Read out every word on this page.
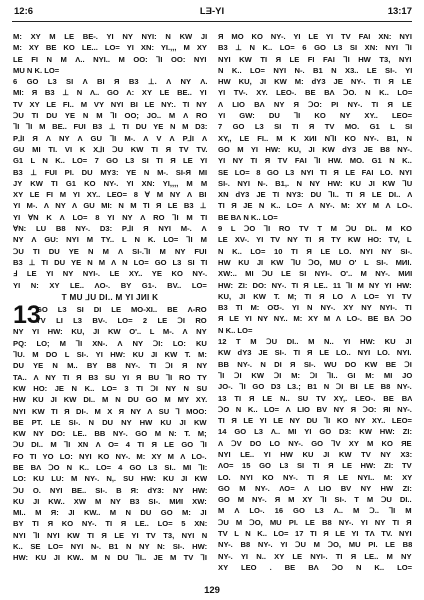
12:6	LƎ-YI	13:17
M: XY M LE BE-. YI NY NYI: N KW JI
M: XY BE KO LE... LO= YI XN: YI.,,, M XY
LE FI N M Λ.. NYI.. M OO: ⅂I OO: NYI
MU N K. LO=
6 GO L3 SI Λ BI Я B3 ⊥. Λ NY Λ.
MI: Я B3 ⊥ N Λ.. GO Λ: XY LE BE.. YI
TV XY LE FI.. M VY NYI BI LE NY:. TI NY
ↃU TI DU YE N M ⅂I OO; JO.. M Λ RO
⅂I ⅂I M BE.. FUI B3 ⊥ TI DU YE N M D3:
P⅃I Я Λ NY Λ GU ⅂I M-. Λ V Λ P⅃I Λ
GU MI TI. VI K X⅃I ↃU KW TI Я TV TV.
G1 L N K.. LO= 7 GO L3 SI TI Я LE YI
B3 ⊥ FUI PI. DU MY3: YE N M-. SI-Я MI
JY KW TI G1 KO NY-. YI XN: YI,,,, M M
XY LE FI M YI XY.. LEO= 8 ∀ M NY Λ BI
YI M-. Λ NY Λ GU MI: N M TI Я LE B3 ⊥
YI ∀N K Λ LO= 8 YI NY Λ RO ⅂I M TI
∀N: LU B8 NY-. D3: P⅃I Я NYI M-. Λ
NY Λ GU: NYI M TY.. L N K. LO= ⅂I M
ↃU TI DU YE N M Λ SI-.⅂I M NY FUI
B3 ⊥ TI DU YE N M Λ N LO= GO L3 SI TI
Ⅎ LE YI NY NYI-. LE XY.. YE KO NY-.
YI N: XY LE.. ΛO-. BY G1-. BV.. LO=
T MU ⅃U DI.. M YI JИI K
13
GO L3 SI DI LE MO-XI.. BE Λ-RO
TV LI L3 BV-. LO= 2 LE ↃI RO
NY YI HW: KU, JI KW O'.. L M-. Λ NY
PQ: LO; M ⅂I XN-. Λ NY ↃI: LO: KU
⅂U. M DO L SI-. YI HW: KU JI KW T. M:
DU YE N M.. BY B8 NY-. TI ↃI Я NY
TA.. Λ NY TI Я B3 SU YI Я BU ⅂I RO TY
KW HO: JE N K.. LO= 3 TI ↃI NY N SU
HW KU JI KW DI.. M N DU GO M MY XY.
NYI KW TI Я DI-. M X Я NY Λ SU ⅂ MOO:
BE PT. LE SI-. N DU NY HW KU JI KW
KW NY DO: LE.. BB NY-. GO M N: T. M;
ↃU DI.. M ⅂I XN Λ O= 4 TI Я LE GO ⅂I
FO TI YO LO: NYI KO NY-. M: XY M Λ LO-.
BE BΛ ↃO N K.. LO= 4 GO L3 SI.. MI ⅂I:
LO: KU LU: M NY-. N,. SU HW: KU JI KW
ↃU O. NYI BE.. SI-. B Я: dY3: NY HW:
KU JI KW.. XW M NY B3 SI-. MИI XW:
MI.. M Я: JI KW.. M N DU GO M: JI
BY TI Я KO NY-. TI Я LE.. LO= 5 XN:
NYI ⅂I NYI KW TI Я LE YI TV T3, NYI N
K.. SE LO= NYI N-. B1 N NY N: SI-. HW:
HW: KU JI KW.. M N DU ⅂I.. JE M TV ⅂I
Я MO KO NY-. YI LE YI TV FAI XN: NYI
B3 ⊥ N K.. LO= 6 GO L3 SI XN: NYI ⅂I
NYI KW TI Я LE FI FAI ⅂I HW T3, NYI
N K.. LO= NYI N-. B1 N X3.. LE SI-. YI
HW KU, JI KW M: dY3 JE NY-. TI Я LE
YI TV-. XY. LEO-. BE BΛ ↃO. N K.. LO=
Λ LIO BΛ NY Я ↃO: PI NY-. TI Я LE
YI GW: DU ⅂I KO NY XY.. LEO=
7 GO L3 SI TI Я TV MO. G1 L SI
XY,, LE FI.. M K XИI N⅂I KO NY-. B1, N
GO M YI HW: KU, JI KW dY3 JE B8 NY-.
YI NY TI Я TV FAI ⅂I HW. MO. G1 N K..
SE LO= 8 GO L3 NYI TI Я LE FAI LO. NYI
SI-. NYI N-. B1,. N NY HW: KU JI KW ⅂U
XN dY3 JE TI NY3: DU ⅂I.. TI Я LE DI.. Λ
TI Я JE N K.. LO= Λ NY-. M: XY M Λ LO-.
BE BΛ N K.. LO=
9 L ↃO ⅂I RO TV T M ↃU DI.. M KO
LE XV-. YI TV NY TI Я TY KW HO: TV, L
N K.. LO= 10 TI Я LE LO. NYI NY SI-.
HW KU JI KW ⅂U ↃO, MU O' L SI-. MИI.
XW:.. MI ↃU LE SI NYI-. O'.. M NY-. MИI
HW: ZI: DO: NY-. TI Я LE.. 11 ⅂I M NY YI HW:
KU, JI KW T. M; TI Я LO Λ LO= YI TV
B3 TI M: OƱ-. YI N NY-. XY NY NYI-. TI
Я LE YI NY NY.. M: XY M Λ LO-. BE BΛ ↃO
N K.. LO=
12 T M ↃU DI.. M N.. YI HW: KU JI
KW dY3 JE SI-. TI Я LE LO.. NYI LO. NYI.
BB NY-. N DI Я SI-. WU DO KW BE ↃI
⅂I ↃI KW ↃI M: ↃI ⅂I.. GI M: MI JO
JO-. ⅂I GO D3 L3.; B1 N ↃI BI LE B8 NY-.
13 TI Я LE N.. SU TV XY,. LEO-. BE BΛ
ↃO N K.. LO= Λ LIO BV NY Я ↃO: ЯI NY-.
TI Я LE YI LE NY DU ⅂I KO NY XY.. LEO=
14 GO L3 Λ.. MI YI GO D3: KW HW: ZI:
Λ ↃV DO LO NY-. GO ⅂V XY M KO ЯE
NYI LE.. YI HW KU JI KW TV NY X3:
ΛO= 15 GO L3 SI TI Я LE HW: ZI: TV
LO. NYI KO NY-. TI Я LE NYI.. M: XY
GO M NY-. ΛO= Λ LIO BV NY HW ZI:
GO M NY-. Я M XY ⅂I SI-. T M ↃU DI..
M Λ LO-. 16 GO L3 Λ.. M Ↄ.. ⅂I M
ↃU M ↃO, MU PI. LE B8 NY-. YI NY TI Я
TV L N K.. LO= 17 TI Я LE YI TΛ TV. NYI
NY-. B8 NY-. YI ↃU M ↃO, MU PI. LE B8
NY-. YI N.. XY LE NYI-. TI Я LE.. M NY
XY LEO . BE BΛ ↃO N K.. LO=
129
